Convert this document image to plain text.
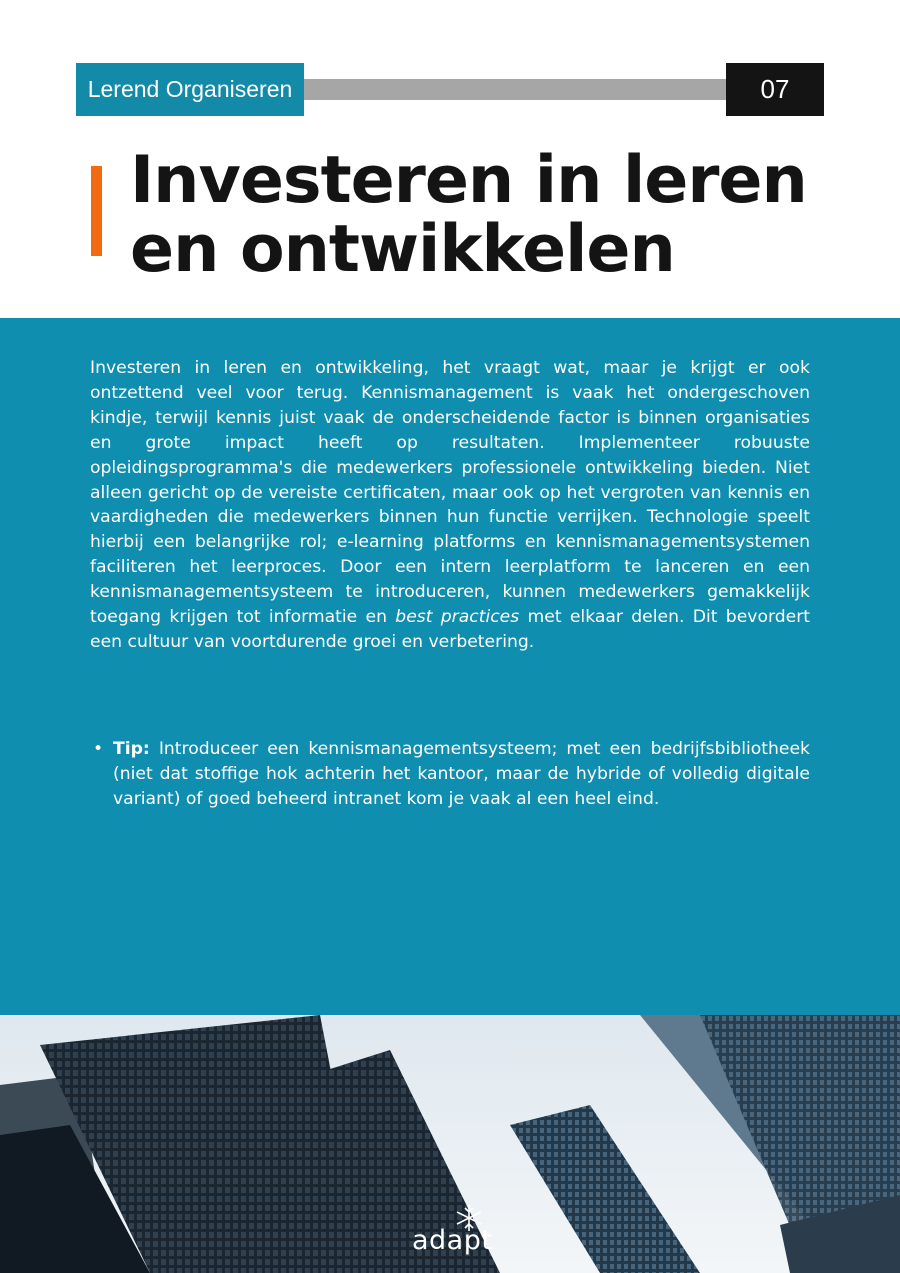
Lerend Organiseren	07
Investeren in leren
en ontwikkelen

Investeren in leren en ontwikkeling, het vraagt wat, maar je krijgt er ook ontzettend veel voor terug. Kennismanagement is vaak het ondergeschoven kindje, terwijl kennis juist vaak de onderscheidende factor is binnen organisaties en grote impact heeft op resultaten. Implementeer robuuste opleidingsprogramma's die medewerkers professionele ontwikkeling bieden. Niet alleen gericht op de vereiste certificaten, maar ook op het vergroten van kennis en vaardigheden die medewerkers binnen hun functie verrijken. Technologie speelt hierbij een belangrijke rol; e-learning platforms en kennismanagementsystemen faciliteren het leerproces. Door een intern leerplatform te lanceren en een kennismanagementsysteem te introduceren, kunnen medewerkers gemakkelijk toegang krijgen tot informatie en best practices met elkaar delen. Dit bevordert een cultuur van voortdurende groei en verbetering.

• Tip: Introduceer een kennismanagementsysteem; met een bedrijfsbibliotheek (niet dat stoffige hok achterin het kantoor, maar de hybride of volledig digitale variant) of goed beheerd intranet kom je vaak al een heel eind.
adapt
